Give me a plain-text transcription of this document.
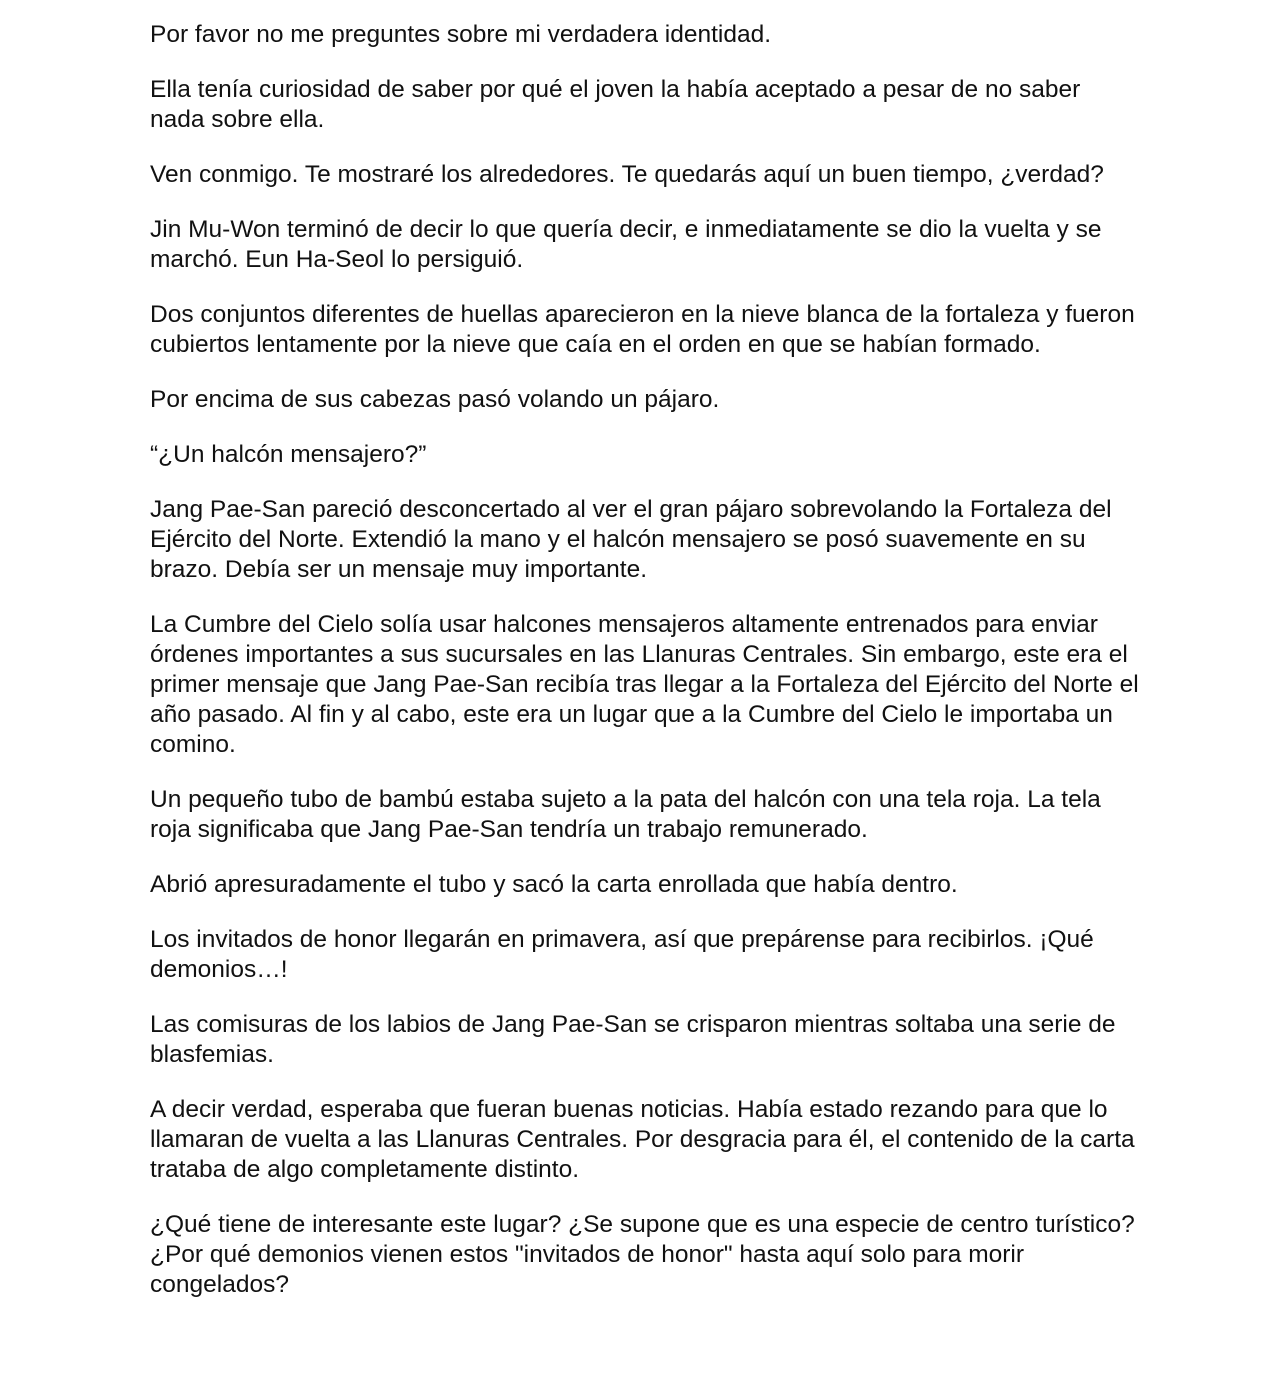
Por favor no me preguntes sobre mi verdadera identidad.

Ella tenía curiosidad de saber por qué el joven la había aceptado a pesar de no saber nada sobre ella.

Ven conmigo. Te mostraré los alrededores. Te quedarás aquí un buen tiempo, ¿verdad?

Jin Mu-Won terminó de decir lo que quería decir, e inmediatamente se dio la vuelta y se marchó. Eun Ha-Seol lo persiguió.

Dos conjuntos diferentes de huellas aparecieron en la nieve blanca de la fortaleza y fueron cubiertos lentamente por la nieve que caía en el orden en que se habían formado.

Por encima de sus cabezas pasó volando un pájaro.

“¿Un halcón mensajero?”

Jang Pae-San pareció desconcertado al ver el gran pájaro sobrevolando la Fortaleza del Ejército del Norte. Extendió la mano y el halcón mensajero se posó suavemente en su brazo. Debía ser un mensaje muy importante.

La Cumbre del Cielo solía usar halcones mensajeros altamente entrenados para enviar órdenes importantes a sus sucursales en las Llanuras Centrales. Sin embargo, este era el primer mensaje que Jang Pae-San recibía tras llegar a la Fortaleza del Ejército del Norte el año pasado. Al fin y al cabo, este era un lugar que a la Cumbre del Cielo le importaba un comino.

Un pequeño tubo de bambú estaba sujeto a la pata del halcón con una tela roja. La tela roja significaba que Jang Pae-San tendría un trabajo remunerado.

Abrió apresuradamente el tubo y sacó la carta enrollada que había dentro.

Los invitados de honor llegarán en primavera, así que prepárense para recibirlos. ¡Qué demonios…!

Las comisuras de los labios de Jang Pae-San se crisparon mientras soltaba una serie de blasfemias.

A decir verdad, esperaba que fueran buenas noticias. Había estado rezando para que lo llamaran de vuelta a las Llanuras Centrales. Por desgracia para él, el contenido de la carta trataba de algo completamente distinto.

¿Qué tiene de interesante este lugar? ¿Se supone que es una especie de centro turístico? ¿Por qué demonios vienen estos "invitados de honor" hasta aquí solo para morir congelados?
